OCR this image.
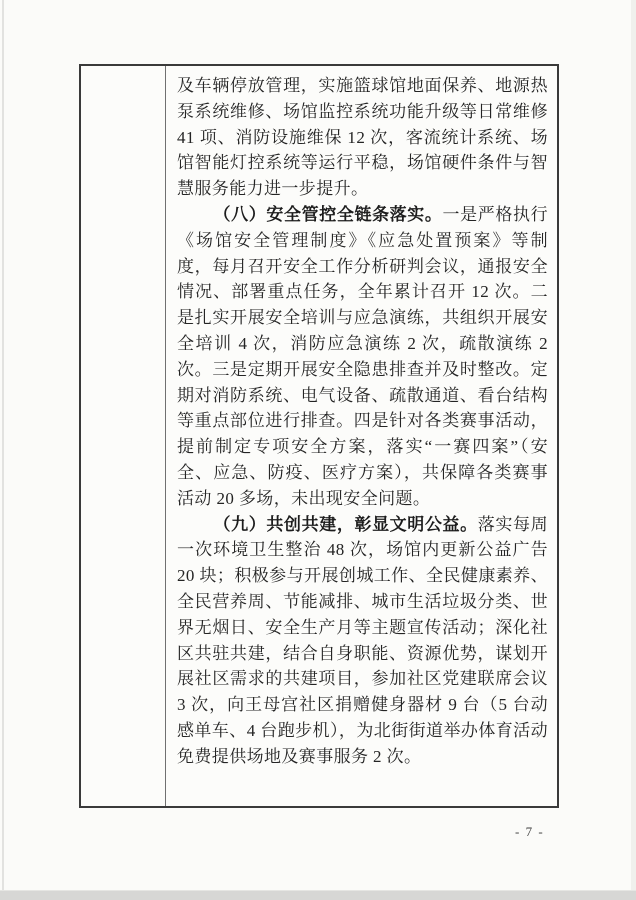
及车辆停放管理，实施篮球馆地面保养、地源热泵系统维修、场馆监控系统功能升级等日常维修 41 项、消防设施维保 12 次，客流统计系统、场馆智能灯控系统等运行平稳，场馆硬件条件与智慧服务能力进一步提升。

（八）安全管控全链条落实。一是严格执行《场馆安全管理制度》《应急处置预案》等制度，每月召开安全工作分析研判会议，通报安全情况、部署重点任务，全年累计召开 12 次。二是扎实开展安全培训与应急演练，共组织开展安全培训 4 次，消防应急演练 2 次，疏散演练 2 次。三是定期开展安全隐患排查并及时整改。定期对消防系统、电气设备、疏散通道、看台结构等重点部位进行排查。四是针对各类赛事活动，提前制定专项安全方案，落实“一赛四案”（安全、应急、防疫、医疗方案），共保障各类赛事活动 20 多场，未出现安全问题。

（九）共创共建，彰显文明公益。落实每周一次环境卫生整治 48 次，场馆内更新公益广告 20 块；积极参与开展创城工作、全民健康素养、全民营养周、节能减排、城市生活垃圾分类、世界无烟日、安全生产月等主题宣传活动；深化社区共驻共建，结合自身职能、资源优势，谋划开展社区需求的共建项目，参加社区党建联席会议 3 次，向王母宫社区捐赠健身器材 9 台（5 台动感单车、4 台跑步机），为北街街道举办体育活动免费提供场地及赛事服务 2 次。

- 7 -
